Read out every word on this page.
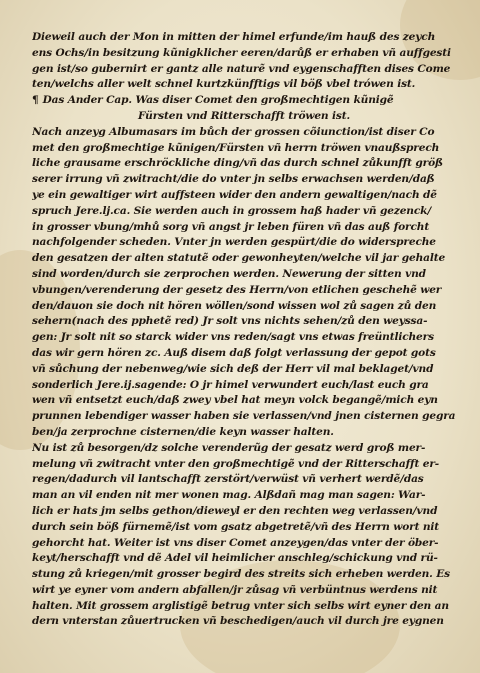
Dieweil auch der Mon in mitten der himel erfunde/im hauß des zeych
ens Ochs/in besitzung kũnigklicher eeren/darůß er erhaben vñ auffgesti
gen ist/so gubernirt er gantz alle naturẽ vnd eygenschafften dises Come
ten/welchs aller welt schnel kurtzkünfftigs vil böß vbel trówen ist.
¶ Das Ander Cap. Was diser Comet den großmechtigen kũnigẽ
Fürsten vnd Ritterschafft tröwen ist.
Nach anzeyg Albumasars im bůch der grossen cõiunction/ist diser Co
met den großmechtige kũnigen/Fürsten vñ herrn tröwen vnaußsprech
liche grausame erschröckliche ding/vñ das durch schnel zůkunfft größ
serer irrung vñ zwitracht/die do vnter jn selbs erwachsen werden/daß
ye ein gewaltiger wirt auffsteen wider den andern gewaltigen/nach dẽ
spruch Jere.lj.ca. Sie werden auch in grossem haß hader vñ gezenck/
in grosser vbung/mhů sorg vñ angst jr leben füren vñ das auß forcht
nachfolgender scheden. Vnter jn werden gespürt/die do widerspreche
den gesatzen der alten statutẽ oder gewonheyten/welche vil jar gehalte
sind worden/durch sie zerprochen werden. Newerung der sitten vnd
vbungen/verenderung der gesetz des Herrn/von etlichen geschehẽ wer
den/dauon sie doch nit hören wöllen/sond wissen wol zů sagen zů den
sehern(nach des pphetẽ red) Jr solt vns nichts sehen/zů den weyssa-
gen: Jr solt nit so starck wider vns reden/sagt vns etwas freüntlichers
das wir gern hören zc. Auß disem daß folgt verlassung der gepot gots
vñ sůchung der nebenweg/wie sich deß der Herr vil mal beklaget/vnd
sonderlich Jere.ij.sagende: O jr himel verwundert euch/last euch gra
wen vñ entsetzt euch/daß zwey vbel hat meyn volck begangẽ/mich eyn
prunnen lebendiger wasser haben sie verlassen/vnd jnen cisternen gegra
ben/ja zerprochne cisternen/die keyn wasser halten.
Nu ist zů besorgen/dz solche verenderũg der gesatz werd groß mer-
melung vñ zwitracht vnter den großmechtigẽ vnd der Ritterschafft er-
regen/dadurch vil lantschafft zerstört/verwüst vñ verhert werdẽ/das
man an vil enden nit mer wonen mag. Alßdañ mag man sagen: War-
lich er hats jm selbs gethon/dieweyl er den rechten weg verlassen/vnd
durch sein böß fürnemẽ/ist vom gsatz abgetretẽ/vñ des Herrn wort nit
gehorcht hat. Weiter ist vns diser Comet anzeygen/das vnter der öber-
keyt/herschafft vnd dẽ Adel vil heimlicher anschleg/schickung vnd rü-
stung zů kriegen/mit grosser begird des streits sich erheben werden. Es
wirt ye eyner vom andern abfallen/jr zůsag vñ verbüntnus werdens nit
halten. Mit grossem arglistigẽ betrug vnter sich selbs wirt eyner den an
dern vnterstan zůuertrucken vñ beschedigen/auch vil durch jre eygnen
